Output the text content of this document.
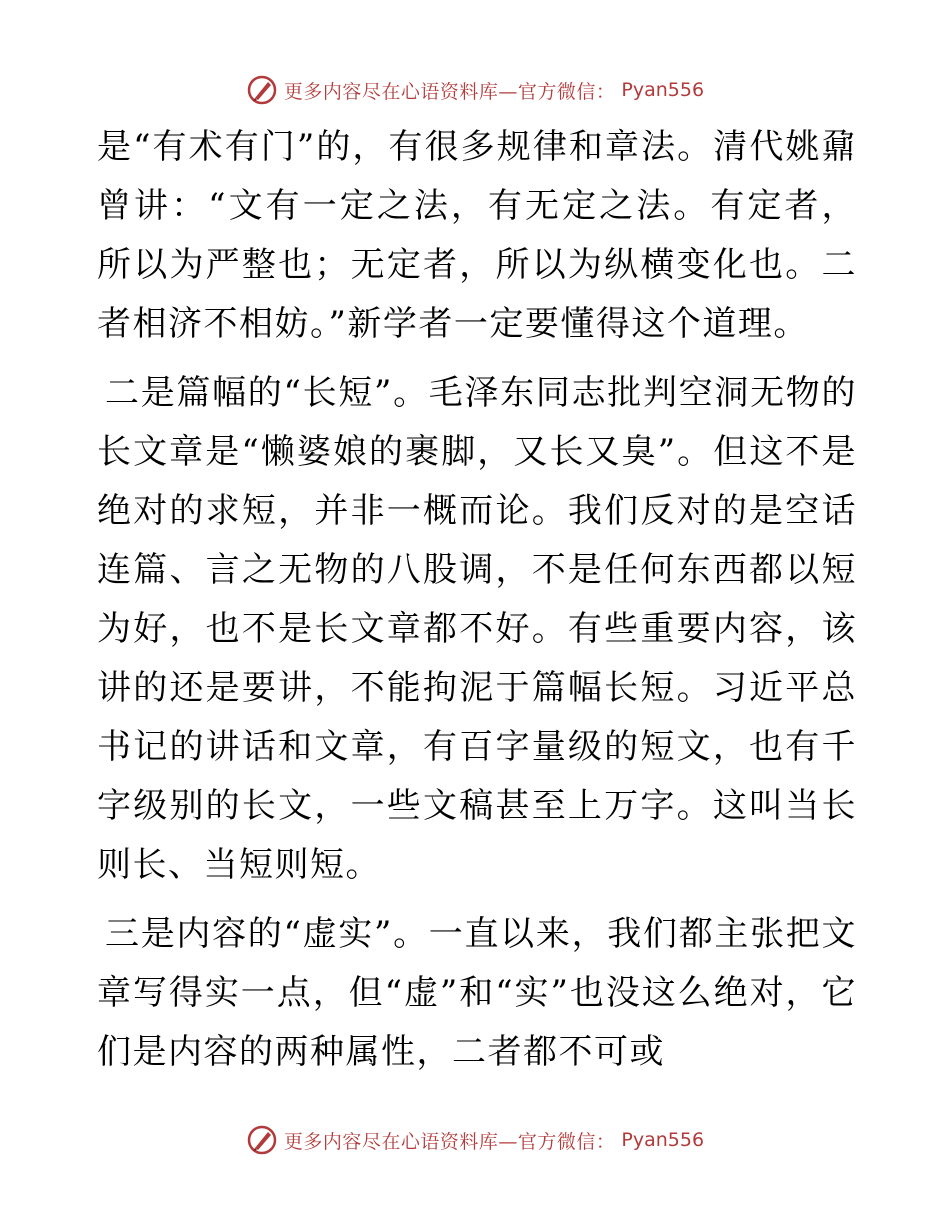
更多内容尽在心语资料库—官方微信： Pyan556

是“有术有门”的，有很多规律和章法。清代姚鼐曾讲：“文有一定之法，有无定之法。有定者，所以为严整也；无定者，所以为纵横变化也。二者相济不相妨。”新学者一定要懂得这个道理。

二是篇幅的“长短”。毛泽东同志批判空洞无物的长文章是“懒婆娘的裹脚，又长又臭”。但这不是绝对的求短，并非一概而论。我们反对的是空话连篇、言之无物的八股调，不是任何东西都以短为好，也不是长文章都不好。有些重要内容，该讲的还是要讲，不能拘泥于篇幅长短。习近平总书记的讲话和文章，有百字量级的短文，也有千字级别的长文，一些文稿甚至上万字。这叫当长则长、当短则短。

三是内容的“虚实”。一直以来，我们都主张把文章写得实一点，但“虚”和“实”也没这么绝对，它们是内容的两种属性，二者都不可或

更多内容尽在心语资料库—官方微信： Pyan556
